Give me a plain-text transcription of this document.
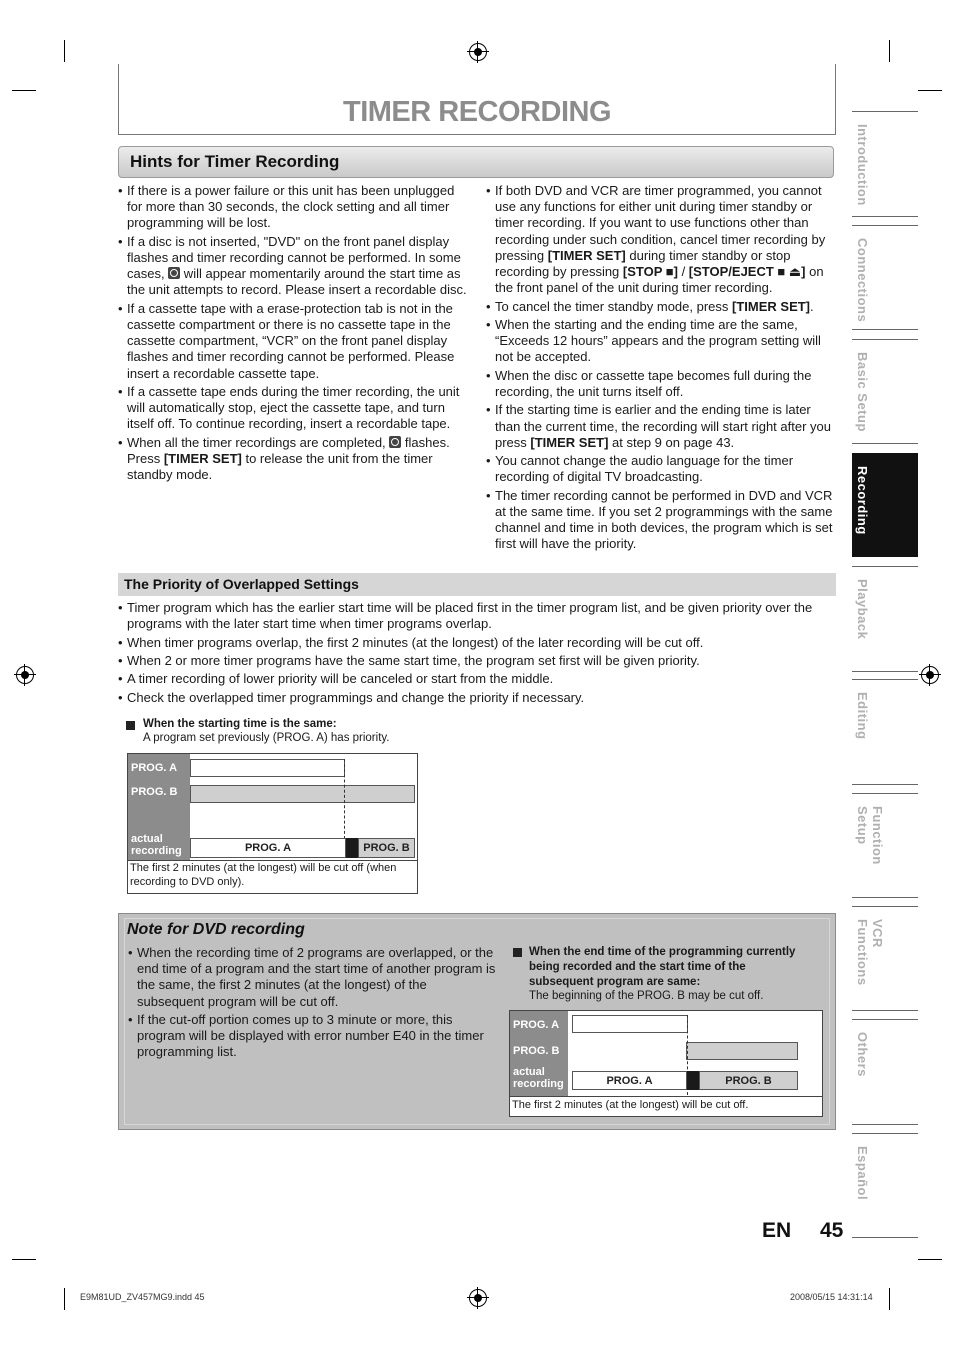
TIMER RECORDING
Hints for Timer Recording
• If there is a power failure or this unit has been unplugged for more than 30 seconds, the clock setting and all timer programming will be lost.
• If a disc is not inserted, "DVD" on the front panel display flashes and timer recording cannot be performed. In some cases,  will appear momentarily around the start time as the unit attempts to record. Please insert a recordable disc.
• If a cassette tape with a erase-protection tab is not in the cassette compartment or there is no cassette tape in the cassette compartment, “VCR” on the front panel display flashes and timer recording cannot be performed. Please insert a recordable cassette tape.
• If a cassette tape ends during the timer recording, the unit will automatically stop, eject the cassette tape, and turn itself off. To continue recording, insert a recordable tape.
• When all the timer recordings are completed,  flashes. Press [TIMER SET] to release the unit from the timer standby mode.
• If both DVD and VCR are timer programmed, you cannot use any functions for either unit during timer standby or timer recording. If you want to use functions other than recording under such condition, cancel timer recording by pressing [TIMER SET] during timer standby or stop recording by pressing [STOP ■] / [STOP/EJECT ■ ⏏] on the front panel of the unit during timer recording.
• To cancel the timer standby mode, press [TIMER SET].
• When the starting and the ending time are the same, “Exceeds 12 hours” appears and the program setting will not be accepted.
• When the disc or cassette tape becomes full during the recording, the unit turns itself off.
• If the starting time is earlier and the ending time is later than the current time, the recording will start right after you press [TIMER SET] at step 9 on page 43.
• You cannot change the audio language for the timer recording of digital TV broadcasting.
• The timer recording cannot be performed in DVD and VCR at the same time. If you set 2 programmings with the same channel and time in both devices, the program which is set first will have the priority.
The Priority of Overlapped Settings
• Timer program which has the earlier start time will be placed first in the timer program list, and be given priority over the programs with the later start time when timer programs overlap.
• When timer programs overlap, the first 2 minutes (at the longest) of the later recording will be cut off.
• When 2 or more timer programs have the same start time, the program set first will be given priority.
• A timer recording of lower priority will be canceled or start from the middle.
• Check the overlapped timer programmings and change the priority if necessary.
When the starting time is the same:
A program set previously (PROG. A) has priority.
PROG. A
PROG. B
actual recording	PROG. A	PROG. B
The first 2 minutes (at the longest) will be cut off (when recording to DVD only).
Note for DVD recording
• When the recording time of 2 programs are overlapped, or the end time of a program and the start time of another program is the same, the first 2 minutes (at the longest) of the subsequent program will be cut off.
• If the cut-off portion comes up to 3 minute or more, this program will be displayed with error number E40 in the timer programming list.
When the end time of the programming currently being recorded and the start time of the subsequent program are same:
The beginning of the PROG. B may be cut off.
PROG. A
PROG. B
actual recording	PROG. A	PROG. B
The first 2 minutes (at the longest) will be cut off.
Introduction
Connections
Basic Setup
Recording
Playback
Editing
Function Setup
VCR Functions
Others
Español
EN 45
E9M81UD_ZV457MG9.indd 45	2008/05/15 14:31:14
